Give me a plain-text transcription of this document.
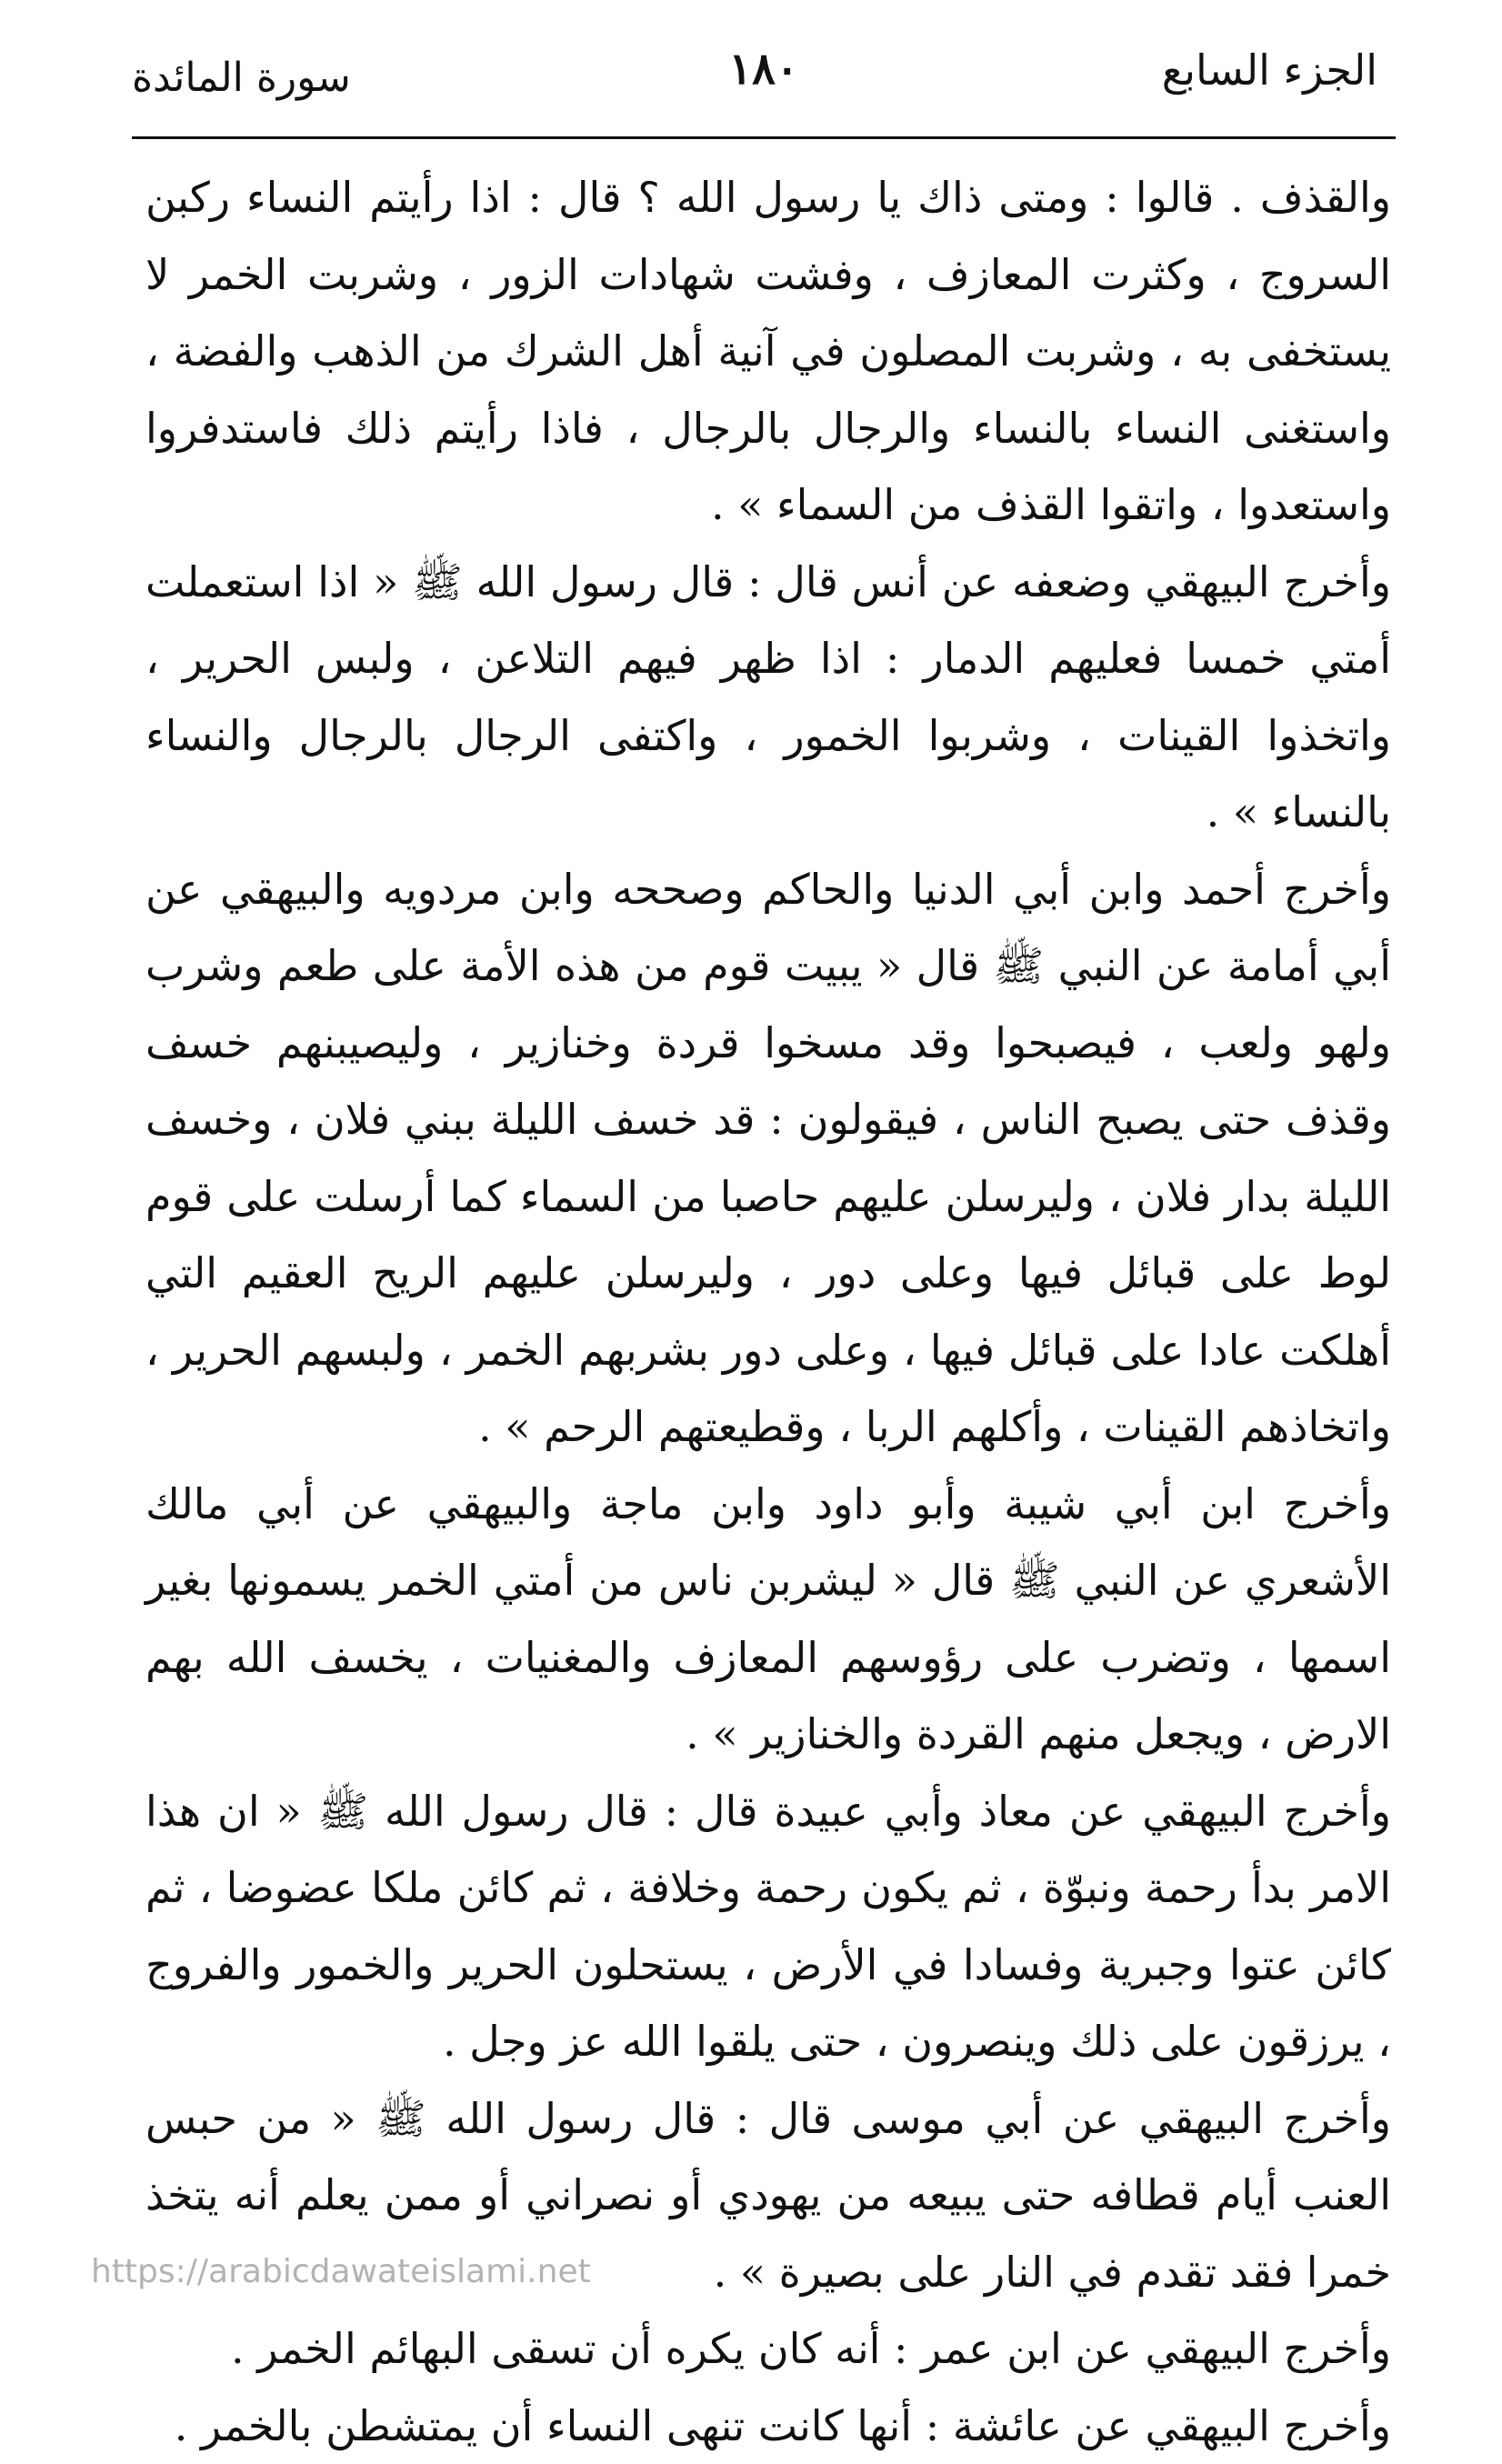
الجزء السابع
١٨٠
سورة المائدة

والقذف . قالوا : ومتى ذاك يا رسول الله ؟ قال : اذا رأيتم النساء ركبن السروج ، وكثرت المعازف ، وفشت شهادات الزور ، وشربت الخمر لا يستخفى به ، وشربت المصلون في آنية أهل الشرك من الذهب والفضة ، واستغنى النساء بالنساء والرجال بالرجال ، فاذا رأيتم ذلك فاستدفروا واستعدوا ، واتقوا القذف من السماء » .

وأخرج البيهقي وضعفه عن أنس قال : قال رسول الله ﷺ « اذا استعملت أمتي خمسا فعليهم الدمار : اذا ظهر فيهم التلاعن ، ولبس الحرير ، واتخذوا القينات ، وشربوا الخمور ، واكتفى الرجال بالرجال والنساء بالنساء » .

وأخرج أحمد وابن أبي الدنيا والحاكم وصححه وابن مردويه والبيهقي عن أبي أمامة عن النبي ﷺ قال « يبيت قوم من هذه الأمة على طعم وشرب ولهو ولعب ، فيصبحوا وقد مسخوا قردة وخنازير ، وليصيبنهم خسف وقذف حتى يصبح الناس ، فيقولون : قد خسف الليلة ببني فلان ، وخسف الليلة بدار فلان ، وليرسلن عليهم حاصبا من السماء كما أرسلت على قوم لوط على قبائل فيها وعلى دور ، وليرسلن عليهم الريح العقيم التي أهلكت عادا على قبائل فيها ، وعلى دور بشربهم الخمر ، ولبسهم الحرير ، واتخاذهم القينات ، وأكلهم الربا ، وقطيعتهم الرحم » .

وأخرج ابن أبي شيبة وأبو داود وابن ماجة والبيهقي عن أبي مالك الأشعري عن النبي ﷺ قال « ليشربن ناس من أمتي الخمر يسمونها بغير اسمها ، وتضرب على رؤوسهم المعازف والمغنيات ، يخسف الله بهم الارض ، ويجعل منهم القردة والخنازير » .

وأخرج البيهقي عن معاذ وأبي عبيدة قال : قال رسول الله ﷺ « ان هذا الامر بدأ رحمة ونبوّة ، ثم يكون رحمة وخلافة ، ثم كائن ملكا عضوضا ، ثم كائن عتوا وجبرية وفسادا في الأرض ، يستحلون الحرير والخمور والفروج ، يرزقون على ذلك وينصرون ، حتى يلقوا الله عز وجل .

وأخرج البيهقي عن أبي موسى قال : قال رسول الله ﷺ « من حبس العنب أيام قطافه حتى يبيعه من يهودي أو نصراني أو ممن يعلم أنه يتخذ خمرا فقد تقدم في النار على بصيرة » .

وأخرج البيهقي عن ابن عمر : أنه كان يكره أن تسقى البهائم الخمر .

وأخرج البيهقي عن عائشة : أنها كانت تنهى النساء أن يمتشطن بالخمر .

https://arabicdawateislami.net
